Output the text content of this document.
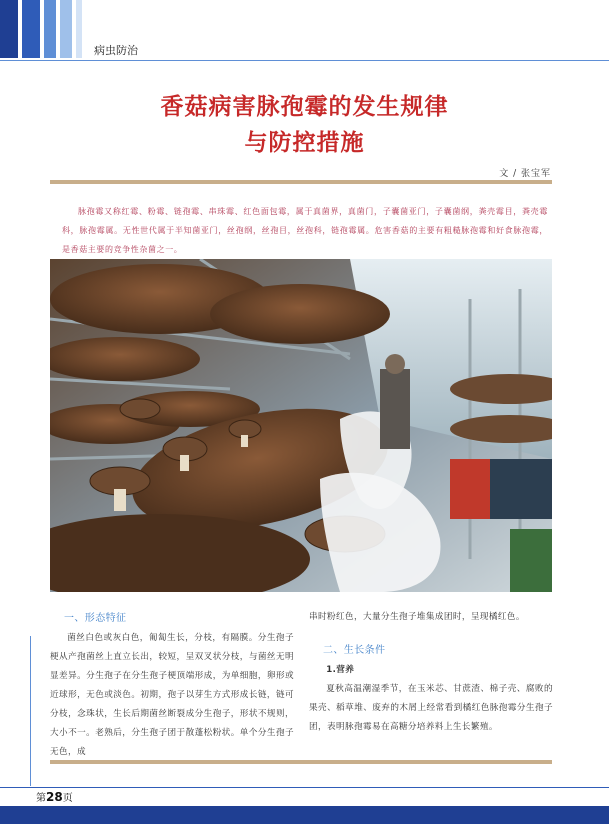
病虫防治
香菇病害脉孢霉的发生规律
与防控措施
文 / 张宝军

脉孢霉又称红霉、粉霉、链孢霉、串珠霉、红色面包霉，属于真菌界，真菌门，子囊菌亚门，子囊菌纲，粪壳霉目，粪壳霉科，脉孢霉属。无性世代属于半知菌亚门，丝孢纲，丝孢目，丝孢科，链孢霉属。危害香菇的主要有粗糙脉孢霉和好食脉孢霉，是香菇主要的竞争性杂菌之一。

一、形态特征

菌丝白色或灰白色，匍匐生长，分枝，有隔膜。分生孢子梗从产孢菌丝上直立长出，较短，呈双叉状分枝，与菌丝无明显差异。分生孢子在分生孢子梗顶端形成，为单细胞，卵形或近球形，无色或淡色。初期，孢子以芽生方式形成长链，链可分枝，念珠状，生长后期菌丝断裂成分生孢子，形状不规则，大小不一。老熟后，分生孢子团于散蓬松粉状。单个分生孢子无色，成

串时粉红色，大量分生孢子堆集成团时，呈现橘红色。

二、生长条件

1.营养

夏秋高温潮湿季节，在玉米芯、甘蔗渣、棉子壳、腐败的果壳、稻草堆、废弃的木屑上经常看到橘红色脉孢霉分生孢子团，表明脉孢霉易在高糖分培养料上生长繁殖。

第28页
